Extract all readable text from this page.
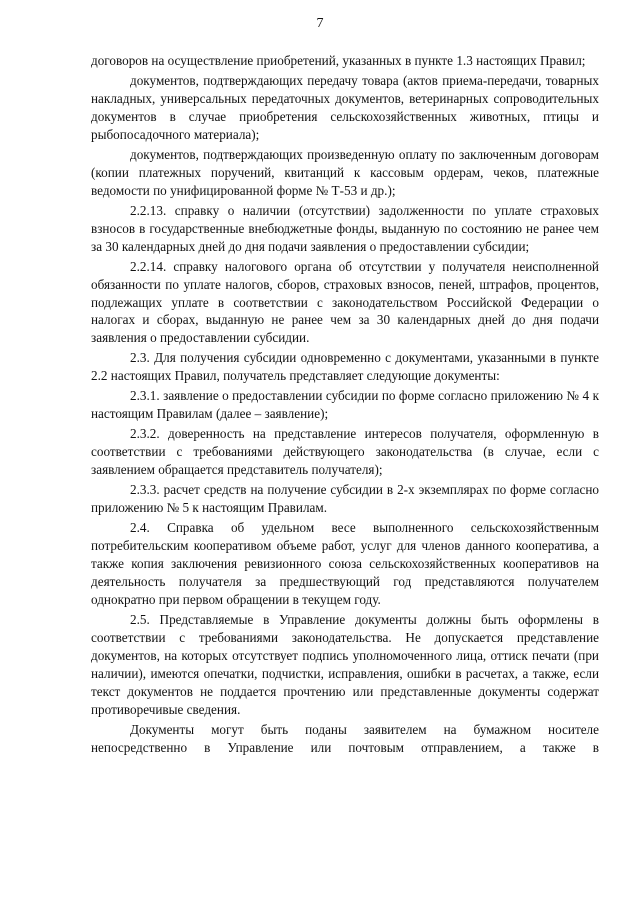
7

договоров на осуществление приобретений, указанных в пункте 1.3 настоящих Правил;

документов, подтверждающих передачу товара (актов приема-передачи, товарных накладных, универсальных передаточных документов, ветеринарных сопроводительных документов в случае приобретения сельскохозяйственных животных, птицы и рыбопосадочного материала);

документов, подтверждающих произведенную оплату по заключенным договорам (копии платежных поручений, квитанций к кассовым ордерам, чеков, платежные ведомости по унифицированной форме № Т-53 и др.);

2.2.13. справку о наличии (отсутствии) задолженности по уплате страховых взносов в государственные внебюджетные фонды, выданную по состоянию не ранее чем за 30 календарных дней до дня подачи заявления о предоставлении субсидии;

2.2.14. справку налогового органа об отсутствии у получателя неисполненной обязанности по уплате налогов, сборов, страховых взносов, пеней, штрафов, процентов, подлежащих уплате в соответствии с законодательством Российской Федерации о налогах и сборах, выданную не ранее чем за 30 календарных дней до дня подачи заявления о предоставлении субсидии.

2.3. Для получения субсидии одновременно с документами, указанными в пункте 2.2 настоящих Правил, получатель представляет следующие документы:

2.3.1. заявление о предоставлении субсидии по форме согласно приложению № 4 к настоящим Правилам (далее – заявление);

2.3.2. доверенность на представление интересов получателя, оформленную в соответствии с требованиями действующего законодательства (в случае, если с заявлением обращается представитель получателя);

2.3.3. расчет средств на получение субсидии в 2-х экземплярах по форме согласно приложению № 5 к настоящим Правилам.

2.4. Справка об удельном весе выполненного сельскохозяйственным потребительским кооперативом объеме работ, услуг для членов данного кооператива, а также копия заключения ревизионного союза сельскохозяйственных кооперативов на деятельность получателя за предшествующий год представляются получателем однократно при первом обращении в текущем году.

2.5. Представляемые в Управление документы должны быть оформлены в соответствии с требованиями законодательства. Не допускается представление документов, на которых отсутствует подпись уполномоченного лица, оттиск печати (при наличии), имеются опечатки, подчистки, исправления, ошибки в расчетах, а также, если текст документов не поддается прочтению или представленные документы содержат противоречивые сведения.

Документы могут быть поданы заявителем на бумажном носителе непосредственно в Управление или почтовым отправлением, а также в
